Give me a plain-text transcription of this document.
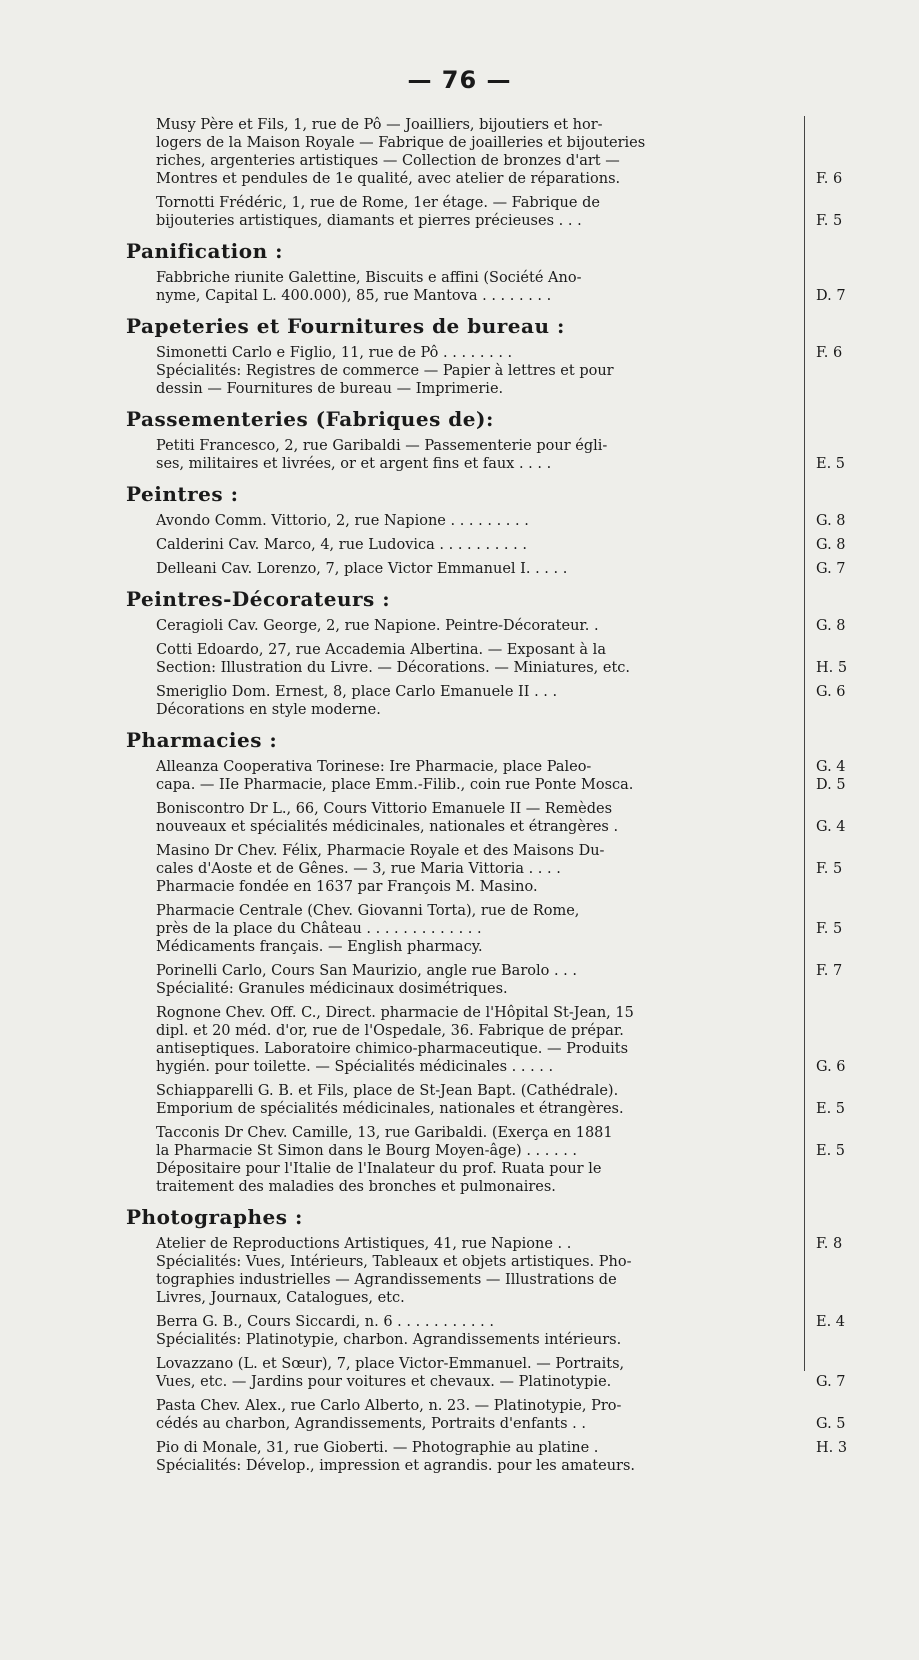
— 76 —
Musy Père et Fils, 1, rue de Pô — Joailliers, bijoutiers et hor-
logers de la Maison Royale — Fabrique de joailleries et bijouteries
riches, argenteries artistiques — Collection de bronzes d'art —
Montres et pendules de 1e qualité, avec atelier de réparations.	F. 6
Tornotti Frédéric, 1, rue de Rome, 1er étage. — Fabrique de
bijouteries artistiques, diamants et pierres précieuses . . .	F. 5
Panification :
Fabbriche riunite Galettine, Biscuits e affini (Société Ano-
nyme, Capital L. 400.000), 85, rue Mantova . . . . . . . .	D. 7
Papeteries et Fournitures de bureau :
Simonetti Carlo e Figlio, 11, rue de Pô . . . . . . . .	F. 6
Spécialités: Registres de commerce — Papier à lettres et pour
dessin — Fournitures de bureau — Imprimerie.
Passementeries (Fabriques de):
Petiti Francesco, 2, rue Garibaldi — Passementerie pour égli-
ses, militaires et livrées, or et argent fins et faux . . . .	E. 5
Peintres :
Avondo Comm. Vittorio, 2, rue Napione . . . . . . . . .	G. 8
Calderini Cav. Marco, 4, rue Ludovica . . . . . . . . . .	G. 8
Delleani Cav. Lorenzo, 7, place Victor Emmanuel I. . . . .	G. 7
Peintres-Décorateurs :
Ceragioli Cav. George, 2, rue Napione. Peintre-Décorateur. .	G. 8
Cotti Edoardo, 27, rue Accademia Albertina. — Exposant à la
Section: Illustration du Livre. — Décorations. — Miniatures, etc.	H. 5
Smeriglio Dom. Ernest, 8, place Carlo Emanuele II . . .	G. 6
Décorations en style moderne.
Pharmacies :
Alleanza Cooperativa Torinese: Ire Pharmacie, place Paleo-	G. 4
capa. — IIe Pharmacie, place Emm.-Filib., coin rue Ponte Mosca.	D. 5
Boniscontro Dr L., 66, Cours Vittorio Emanuele II — Remèdes
nouveaux et spécialités médicinales, nationales et étrangères .	G. 4
Masino Dr Chev. Félix, Pharmacie Royale et des Maisons Du-
cales d'Aoste et de Gênes. — 3, rue Maria Vittoria . . . .	F. 5
Pharmacie fondée en 1637 par François M. Masino.
Pharmacie Centrale (Chev. Giovanni Torta), rue de Rome,
près de la place du Château . . . . . . . . . . . . .	F. 5
Médicaments français. — English pharmacy.
Porinelli Carlo, Cours San Maurizio, angle rue Barolo . . .	F. 7
Spécialité: Granules médicinaux dosimétriques.
Rognone Chev. Off. C., Direct. pharmacie de l'Hôpital St-Jean, 15
dipl. et 20 méd. d'or, rue de l'Ospedale, 36. Fabrique de prépar.
antiseptiques. Laboratoire chimico-pharmaceutique. — Produits
hygién. pour toilette. — Spécialités médicinales . . . . .	G. 6
Schiapparelli G. B. et Fils, place de St-Jean Bapt. (Cathédrale).
Emporium de spécialités médicinales, nationales et étrangères.	E. 5
Tacconis Dr Chev. Camille, 13, rue Garibaldi. (Exerça en 1881
la Pharmacie St Simon dans le Bourg Moyen-âge) . . . . . .	E. 5
Dépositaire pour l'Italie de l'Inalateur du prof. Ruata pour le
traitement des maladies des bronches et pulmonaires.
Photographes :
Atelier de Reproductions Artistiques, 41, rue Napione . .	F. 8
Spécialités: Vues, Intérieurs, Tableaux et objets artistiques. Pho-
tographies industrielles — Agrandissements — Illustrations de
Livres, Journaux, Catalogues, etc.
Berra G. B., Cours Siccardi, n. 6 . . . . . . . . . . .	E. 4
Spécialités: Platinotypie, charbon. Agrandissements intérieurs.
Lovazzano (L. et Sœur), 7, place Victor-Emmanuel. — Portraits,
Vues, etc. — Jardins pour voitures et chevaux. — Platinotypie.	G. 7
Pasta Chev. Alex., rue Carlo Alberto, n. 23. — Platinotypie, Pro-
cédés au charbon, Agrandissements, Portraits d'enfants . .	G. 5
Pio di Monale, 31, rue Gioberti. — Photographie au platine .	H. 3
Spécialités: Dévelop., impression et agrandis. pour les amateurs.
